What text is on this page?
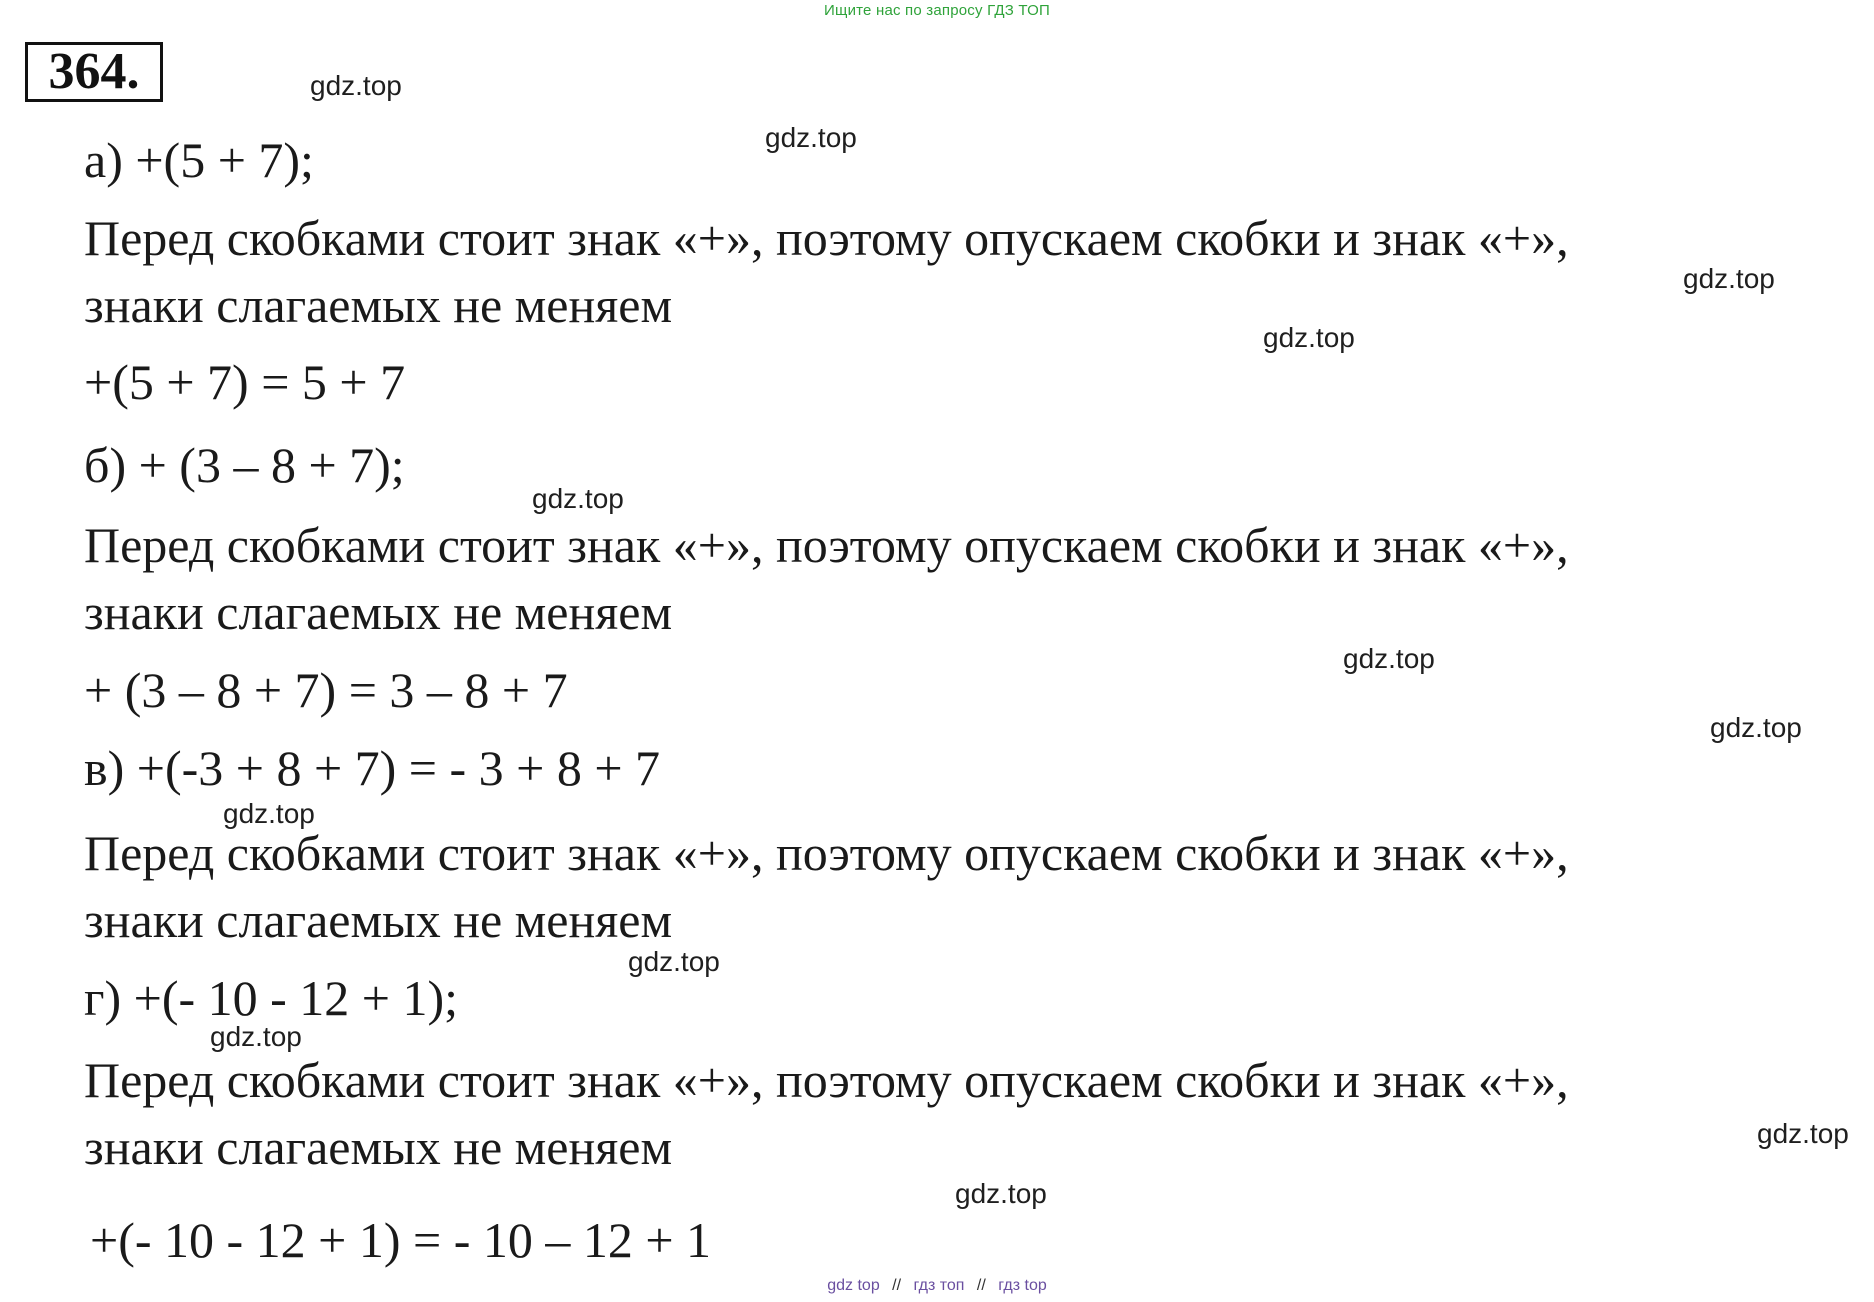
Ищите нас по запросу ГДЗ ТОП
364.
а) +(5 + 7);
Перед скобками стоит знак «+», поэтому опускаем скобки и знак «+»,
знаки слагаемых не меняем
+(5 + 7) = 5 + 7
б) + (3 – 8 + 7);
Перед скобками стоит знак «+», поэтому опускаем скобки и знак «+»,
знаки слагаемых не меняем
+ (3 – 8 + 7) = 3 – 8 + 7
в) +(-3 + 8 + 7) = - 3 + 8 + 7
Перед скобками стоит знак «+», поэтому опускаем скобки и знак «+»,
знаки слагаемых не меняем
г) +(- 10 - 12 + 1);
Перед скобками стоит знак «+», поэтому опускаем скобки и знак «+»,
знаки слагаемых не меняем
+(- 10 - 12 + 1) = - 10 – 12 + 1
gdz.top
gdz.top
gdz.top
gdz.top
gdz.top
gdz.top
gdz.top
gdz.top
gdz.top
gdz.top
gdz.top
gdz.top
gdz top // гдз топ // гдз top
